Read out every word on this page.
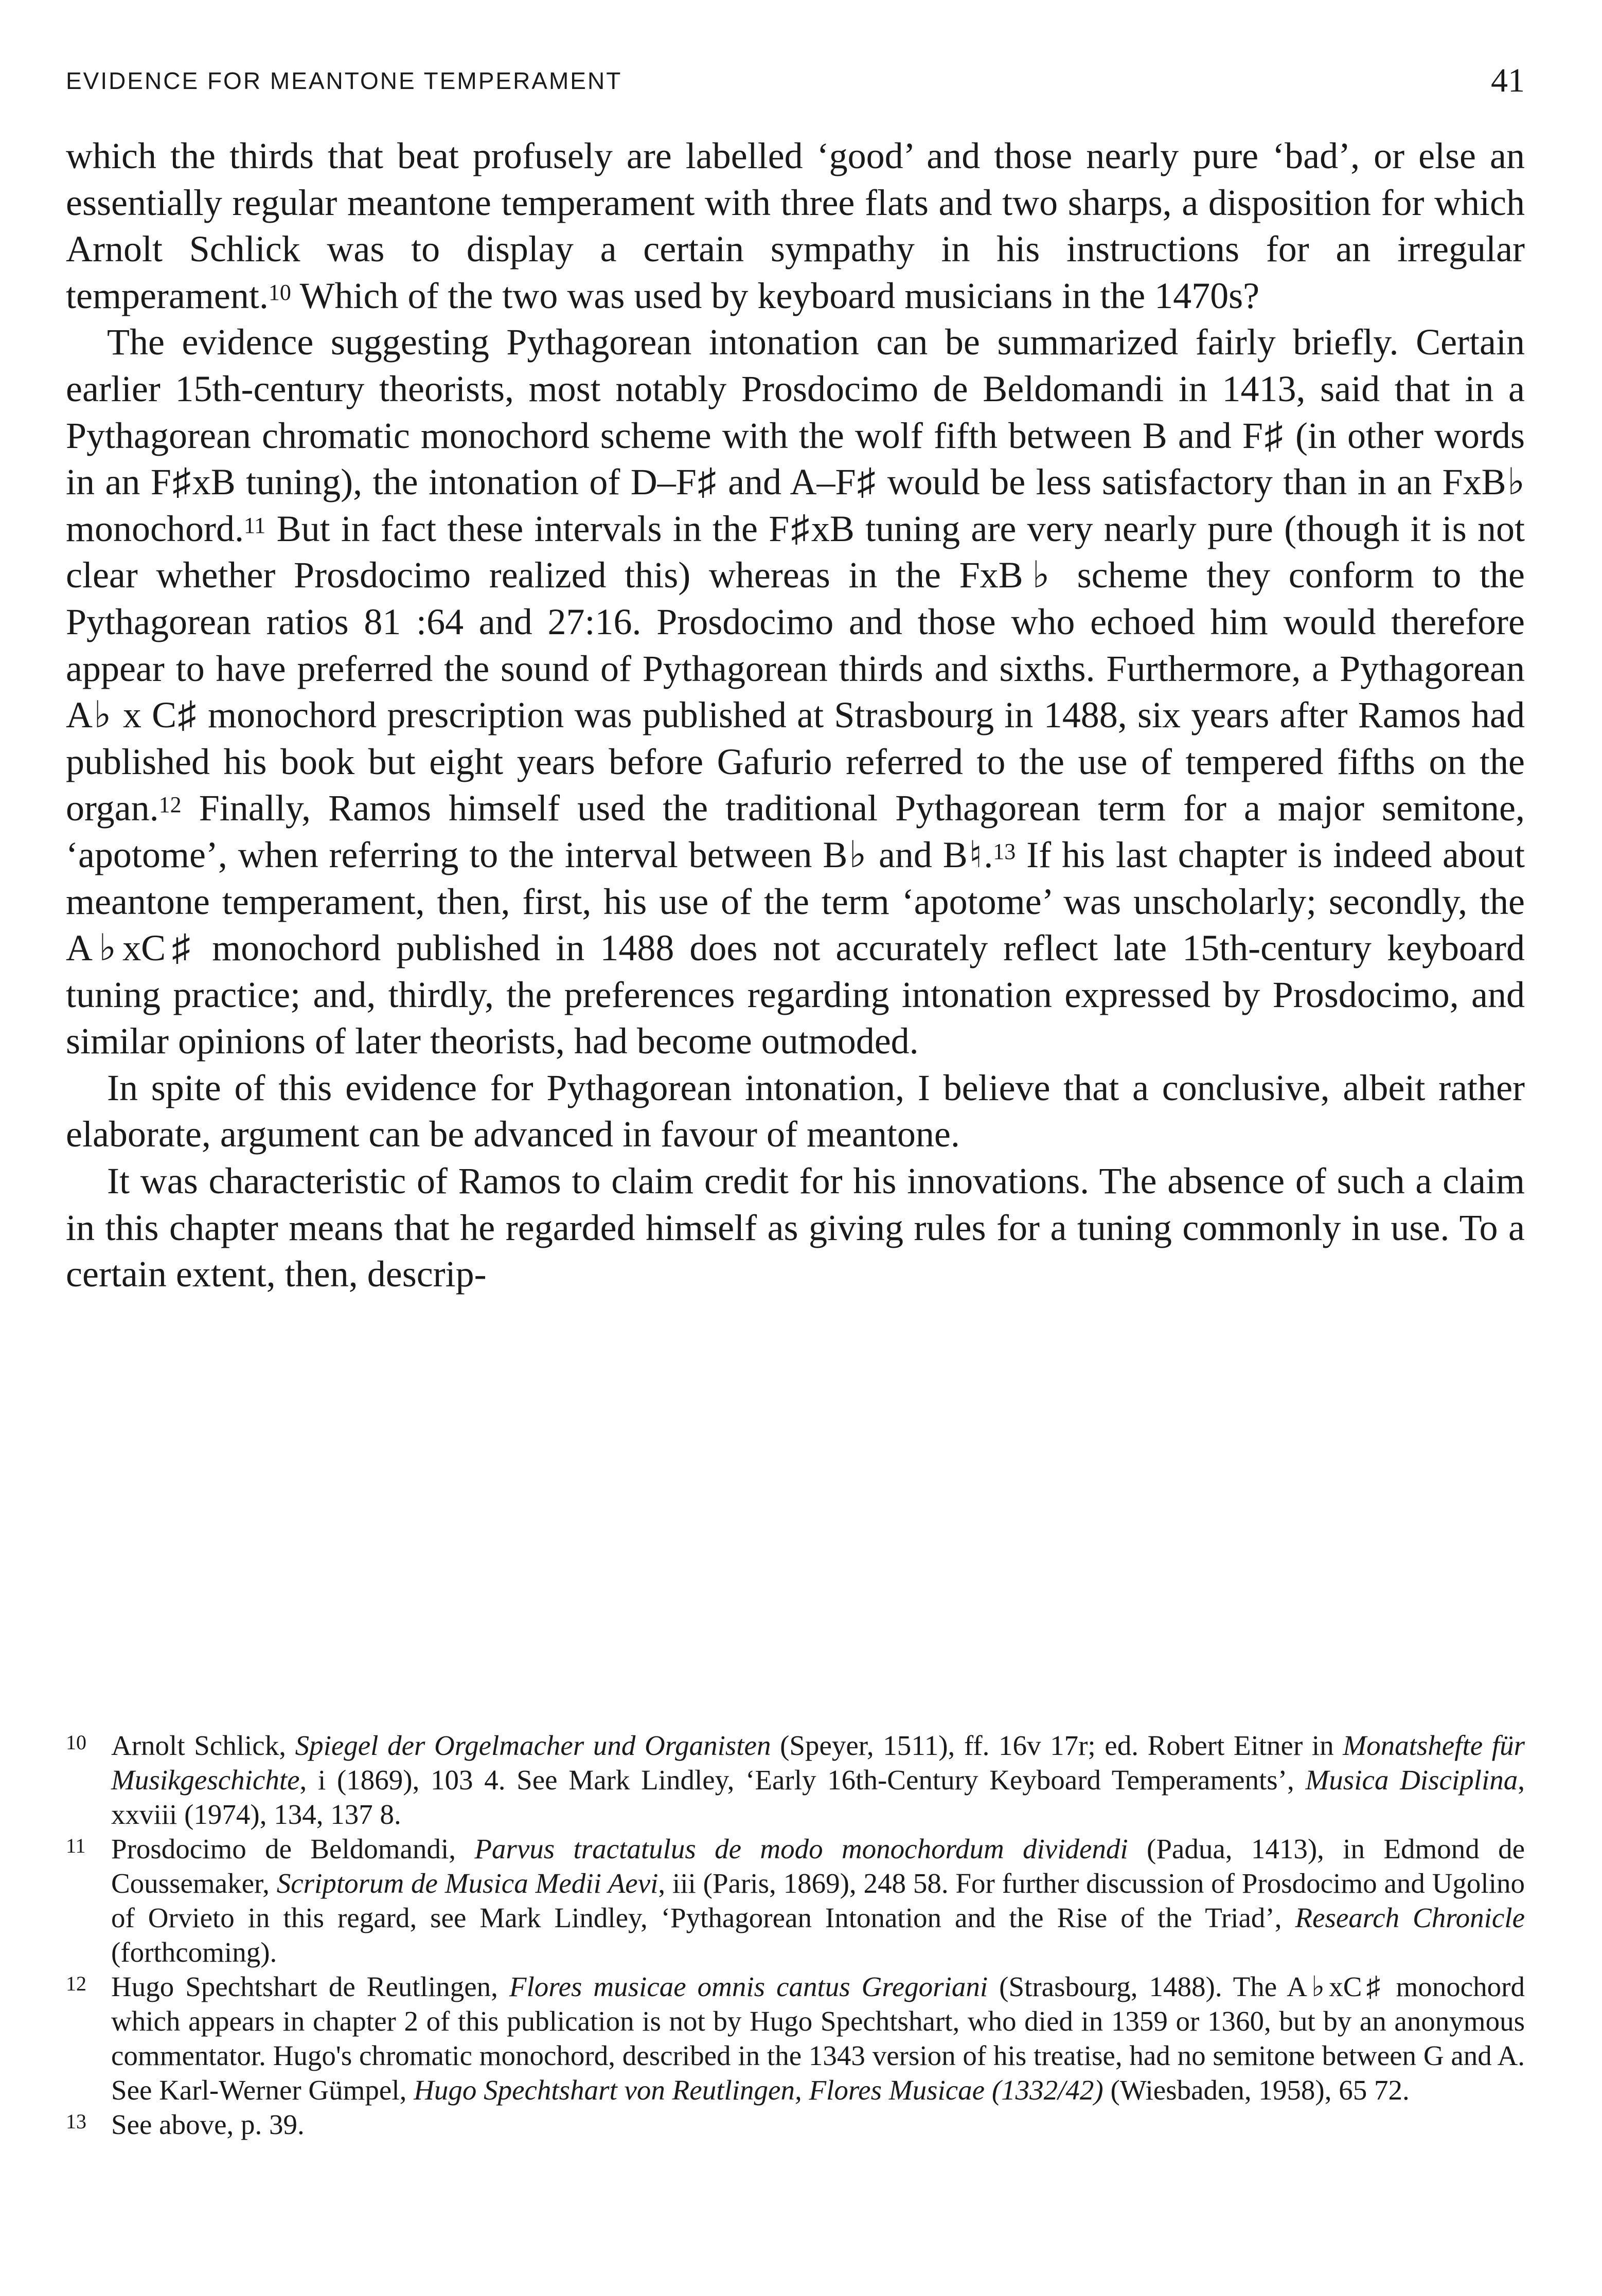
EVIDENCE FOR MEANTONE TEMPERAMENT	41

which the thirds that beat profusely are labelled ‘good’ and those nearly pure ‘bad’, or else an essentially regular meantone temperament with three flats and two sharps, a disposition for which Arnolt Schlick was to display a certain sympathy in his instructions for an irregular temperament.$^{10}$ Which of the two was used by keyboard musicians in the 1470s?

The evidence suggesting Pythagorean intonation can be summarized fairly briefly. Certain earlier 15th-century theorists, most notably Prosdocimo de Beldomandi in 1413, said that in a Pythagorean chromatic monochord scheme with the wolf fifth between B and F♯ (in other words in an F♯xB tuning), the intonation of D–F♯ and A–F♯ would be less satisfactory than in an FxB♭ monochord.$^{11}$ But in fact these intervals in the F♯xB tuning are very nearly pure (though it is not clear whether Prosdocimo realized this) whereas in the FxB♭ scheme they conform to the Pythagorean ratios 81 :64 and 27:16. Prosdocimo and those who echoed him would therefore appear to have preferred the sound of Pythagorean thirds and sixths. Furthermore, a Pythagorean A♭ x C♯ monochord prescription was published at Strasbourg in 1488, six years after Ramos had published his book but eight years before Gafurio referred to the use of tempered fifths on the organ.$^{12}$ Finally, Ramos himself used the traditional Pythagorean term for a major semitone, ‘apotome’, when referring to the interval between B♭ and B♮.$^{13}$ If his last chapter is indeed about meantone temperament, then, first, his use of the term ‘apotome’ was unscholarly; secondly, the A♭xC♯ monochord published in 1488 does not accurately reflect late 15th-century keyboard tuning practice; and, thirdly, the preferences regarding intonation expressed by Prosdocimo, and similar opinions of later theorists, had become outmoded.

In spite of this evidence for Pythagorean intonation, I believe that a conclusive, albeit rather elaborate, argument can be advanced in favour of meantone.

It was characteristic of Ramos to claim credit for his innovations. The absence of such a claim in this chapter means that he regarded himself as giving rules for a tuning commonly in use. To a certain extent, then, descrip-

10 Arnolt Schlick, Spiegel der Orgelmacher und Organisten (Speyer, 1511), ff. 16v 17r; ed. Robert Eitner in Monatshefte für Musikgeschichte, i (1869), 103 4. See Mark Lindley, ‘Early 16th-Century Keyboard Temperaments’, Musica Disciplina, xxviii (1974), 134, 137 8.

11 Prosdocimo de Beldomandi, Parvus tractatulus de modo monochordum dividendi (Padua, 1413), in Edmond de Coussemaker, Scriptorum de Musica Medii Aevi, iii (Paris, 1869), 248 58. For further discussion of Prosdocimo and Ugolino of Orvieto in this regard, see Mark Lindley, ‘Pythagorean Intonation and the Rise of the Triad’, Research Chronicle (forthcoming).

12 Hugo Spechtshart de Reutlingen, Flores musicae omnis cantus Gregoriani (Strasbourg, 1488). The A♭xC♯ monochord which appears in chapter 2 of this publication is not by Hugo Spechtshart, who died in 1359 or 1360, but by an anonymous commentator. Hugo's chromatic monochord, described in the 1343 version of his treatise, had no semitone between G and A. See Karl-Werner Gümpel, Hugo Spechtshart von Reutlingen, Flores Musicae (1332/42) (Wiesbaden, 1958), 65 72.

13 See above, p. 39.
